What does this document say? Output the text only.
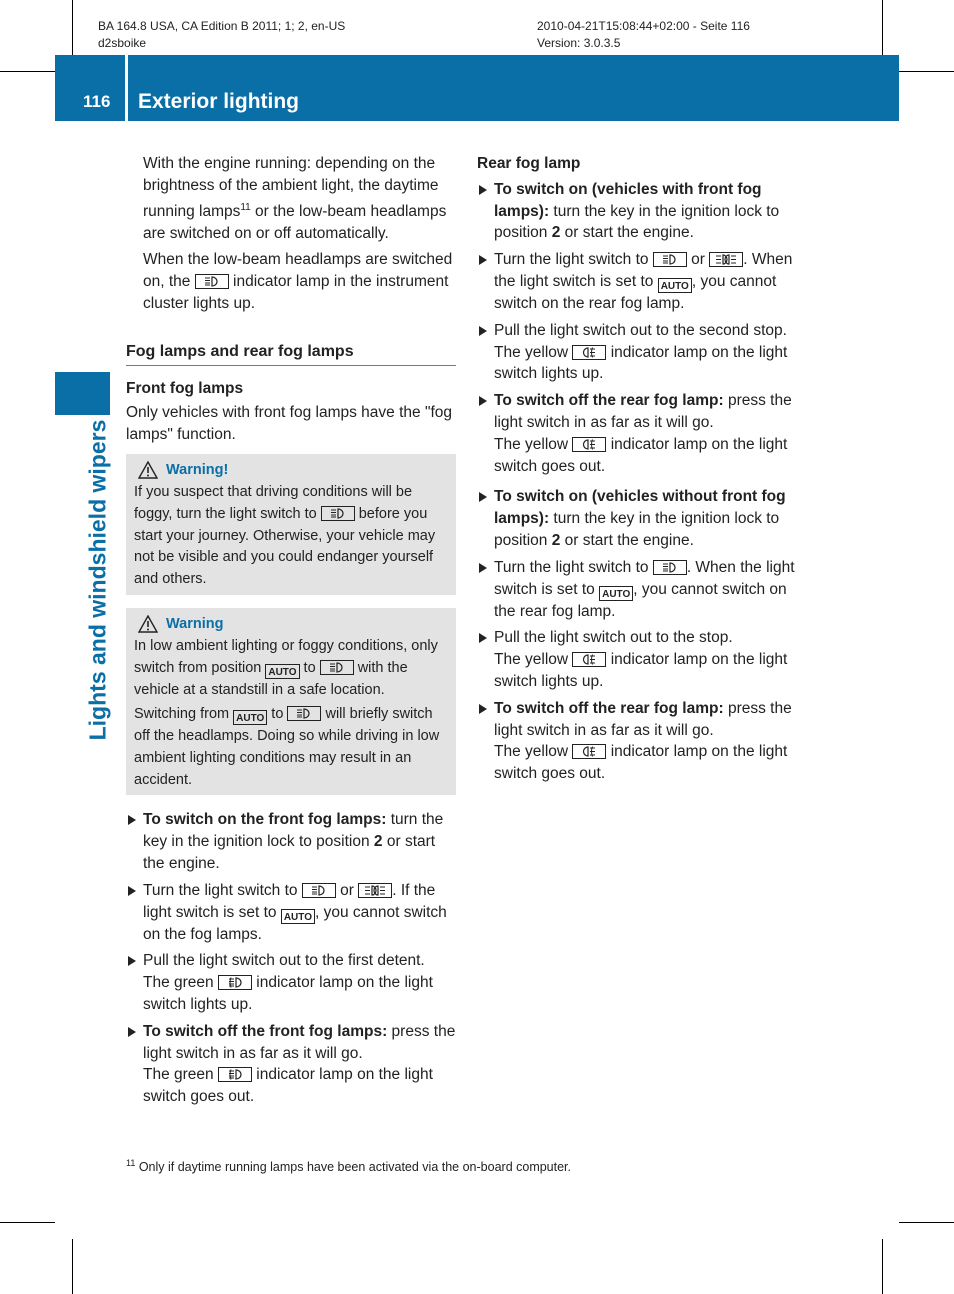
BA 164.8 USA, CA Edition B 2011; 1; 2, en-US
d2sboike
2010-04-21T15:08:44+02:00 - Seite 116
Version: 3.0.3.5
116 Exterior lighting
Lights and windshield wipers

With the engine running: depending on the brightness of the ambient light, the daytime running lamps$^{11}$ or the low-beam headlamps are switched on or off automatically.

When the low-beam headlamps are switched on, the
indicator lamp in the instrument cluster lights up.

Fog lamps and rear fog lamps
Front fog lamps

Only vehicles with front fog lamps have the "fog lamps" function.

Warning!

If you suspect that driving conditions will be foggy, turn the light switch to
before you start your journey. Otherwise, your vehicle may not be visible and you could endanger yourself and others.

Warning

In low ambient lighting or foggy conditions, only switch from position AUTO to
with the vehicle at a standstill in a safe location.

Switching from AUTO to
will briefly switch off the headlamps. Doing so while driving in low ambient lighting conditions may result in an accident.

To switch on the front fog lamps: turn the key in the ignition lock to position 2 or start the engine.
Turn the light switch to
or
. If the light switch is set to AUTO , you cannot switch on the fog lamps.
Pull the light switch out to the first detent.
The green
indicator lamp on the light switch lights up.
To switch off the front fog lamps: press the light switch in as far as it will go.
The green
indicator lamp on the light switch goes out.
Rear fog lamp
To switch on (vehicles with front fog lamps): turn the key in the ignition lock to position 2 or start the engine.
Turn the light switch to
or
. When the light switch is set to AUTO , you cannot switch on the rear fog lamp.
Pull the light switch out to the second stop.
The yellow
indicator lamp on the light switch lights up.
To switch off the rear fog lamp: press the light switch in as far as it will go.
The yellow
indicator lamp on the light switch goes out.
To switch on (vehicles without front fog lamps): turn the key in the ignition lock to position 2 or start the engine.
Turn the light switch to
. When the light switch is set to AUTO , you cannot switch on the rear fog lamp.
Pull the light switch out to the stop.
The yellow
indicator lamp on the light switch lights up.
To switch off the rear fog lamp: press the light switch in as far as it will go.
The yellow
indicator lamp on the light switch goes out.
$^{11}$ Only if daytime running lamps have been activated via the on-board computer.
